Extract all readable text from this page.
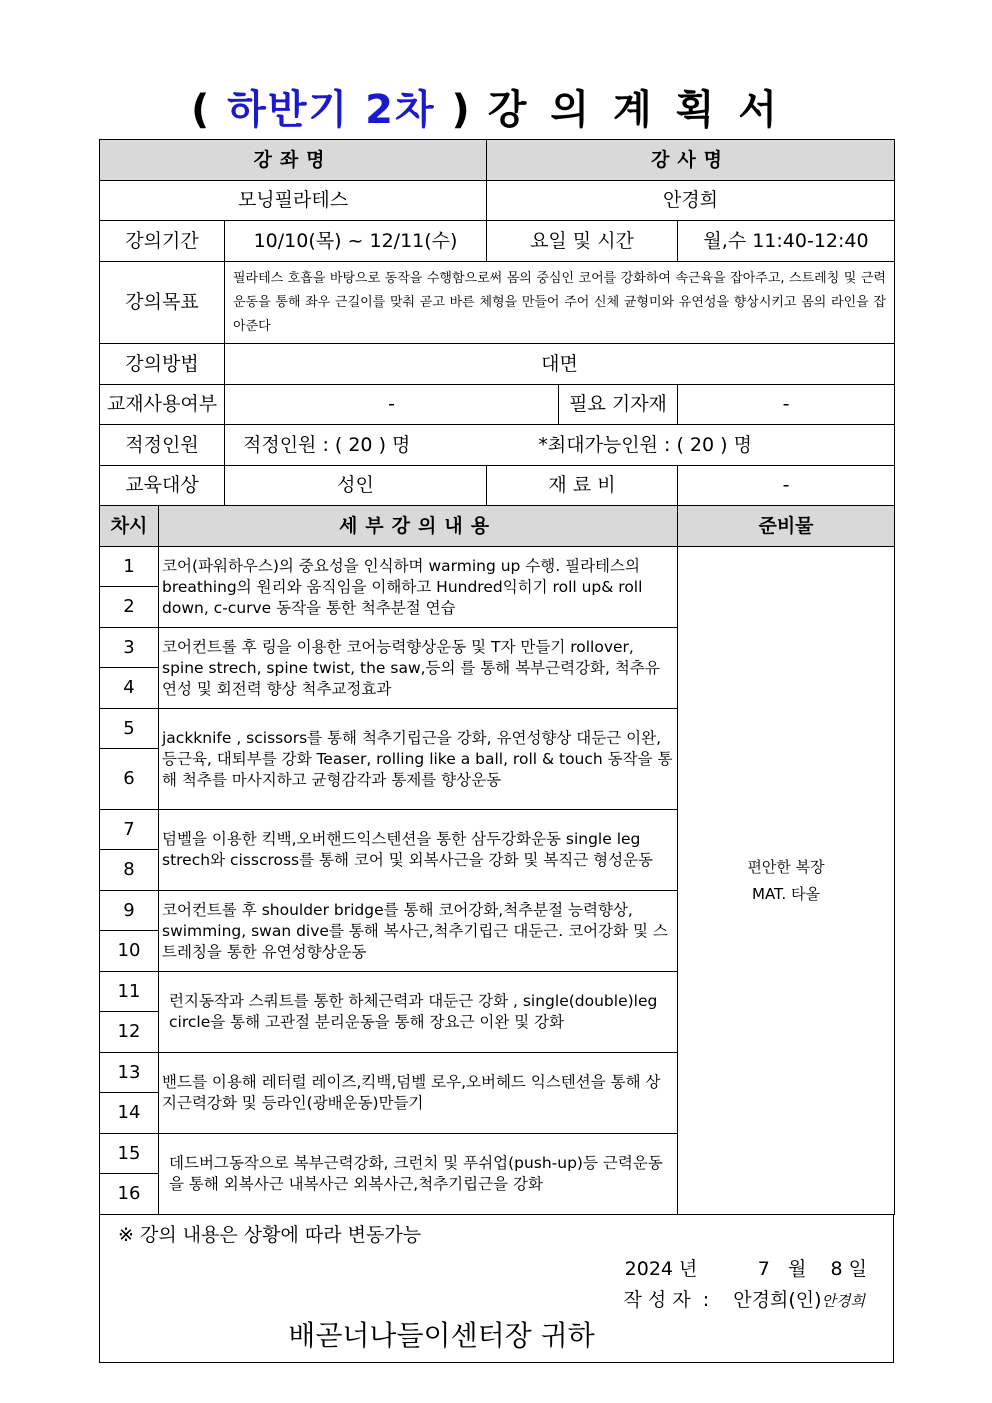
( 하반기 2차 ) 강의계획서
강좌명			강사명		
모닝필라테스			안경희		
강의기간		10/10(목) ~ 12/11(수)	요일 및 시간		월,수 11:40-12:40
강의목표		필라테스 호흡을 바탕으로 동작을 수행함으로써 몸의 중심인 코어를 강화하여 속근육을 잡아주고, 스트레칭 및 근력운동을 통해 좌우 근길이를 맞춰 곧고 바른 체형을 만들어 주어 신체 균형미와 유연성을 향상시키고 몸의 라인을 잡아준다			
강의방법		대면			
교재사용여부		-		필요 기자재	-
적정인원		적정인원 : ( 20 ) 명 *최대가능인원 : ( 20 ) 명			
교육대상		성인	재 료 비		-
차시	세부강의내용				준비물
1	코어(파워하우스)의 중요성을 인식하며 warming up 수행. 필라테스의 breathing의 원리와 움직임을 이해하고 Hundred익히기 roll up& roll down, c-curve 동작을 통한 척추분절 연습				편안한 복장
MAT. 타올

2					
3	코어컨트롤 후 링을 이용한 코어능력향상운동 및 T자 만들기 rollover, spine strech, spine twist, the saw,등의 를 통해 복부근력강화, 척추유연성 및 회전력 향상 척추교정효과				
4					
5	jackknife , scissors를 통해 척추기립근을 강화, 유연성향상 대둔근 이완, 등근육, 대퇴부를 강화 Teaser, rolling like a ball, roll & touch 동작을 통해 척추를 마사지하고 균형감각과 통제를 향상운동				
6					
7	덤벨을 이용한 킥백,오버핸드익스텐션을 통한 삼두강화운동 single leg strech와 cisscross를 통해 코어 및 외복사근을 강화 및 복직근 형성운동				
8					
9	코어컨트롤 후 shoulder bridge를 통해 코어강화,척추분절 능력향상, swimming, swan dive를 통해 복사근,척추기립근 대둔근. 코어강화 및 스트레칭을 통한 유연성향상운동				
10					
11	런지동작과 스쿼트를 통한 하체근력과 대둔근 강화 , single(double)leg circle을 통해 고관절 분리운동을 통해 장요근 이완 및 강화				
12					
13	밴드를 이용해 레터럴 레이즈,킥백,덤벨 로우,오버헤드 익스텐션을 통해 상지근력강화 및 등라인(광배운동)만들기				
14					
15	데드버그동작으로 복부근력강화, 크런치 및 푸쉬업(push-up)등 근력운동을 통해 외복사근 내복사근 외복사근,척추기립근을 강화				
16					
※ 강의 내용은 상황에 따라 변동가능
2024 년          7   월    8 일
작 성 자  : 안경희(인)안경희
배곧너나들이센터장 귀하
